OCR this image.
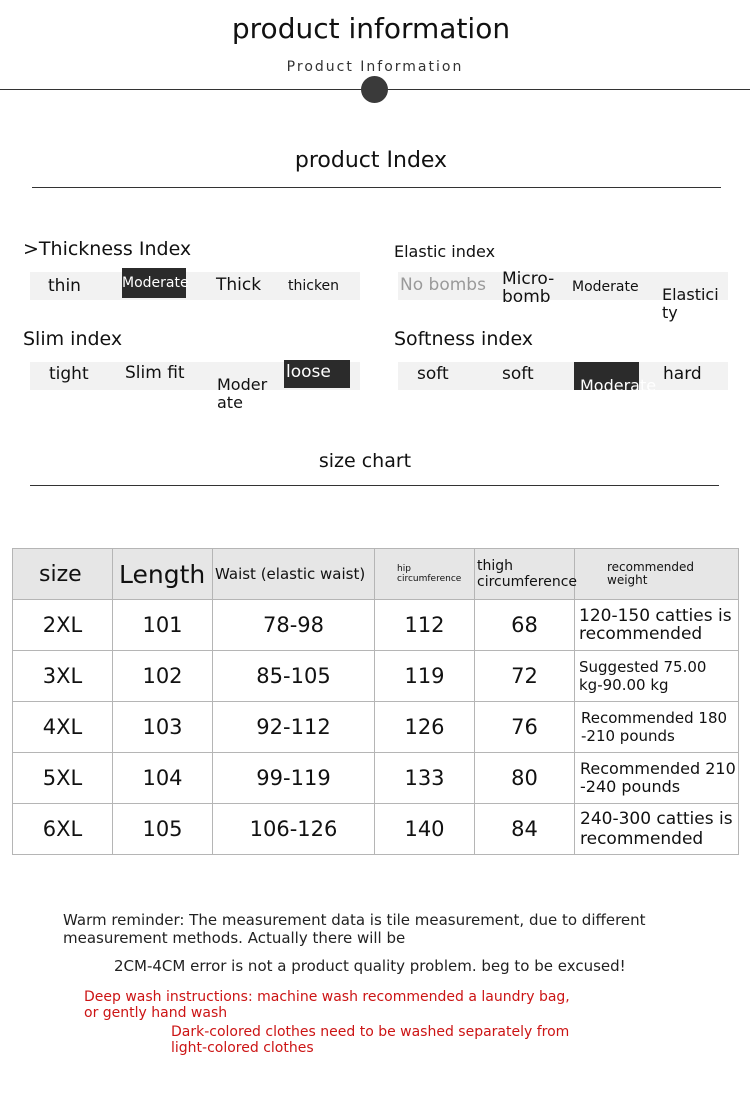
product information
Product Information
product Index
>Thickness Index
thin	Moderate Thick thicken
Elastic index
No bombs Micro-
bomb Moderate Elastici
ty
Slim index
tight Slim fit
Moder
ate
loose
Softness index
soft	soft
Moderate
hard
size chart
size	Length	Waist (elastic waist)	hip circumference	thigh circumference	recommended weight
2XL	101	78-98	112	68	120-150 catties is recommended
3XL	102	85-105	119	72	Suggested 75.00 kg-90.00 kg
4XL	103	92-112	126	76	Recommended 180 -210 pounds
5XL	104	99-119	133	80	Recommended 210 -240 pounds
6XL	105	106-126	140	84	240-300 catties is recommended
Warm reminder: The measurement data is tile measurement, due to different measurement methods. Actually there will be
2CM-4CM error is not a product quality problem. beg to be excused!
Deep wash instructions: machine wash recommended a laundry bag, or gently hand wash
Dark-colored clothes need to be washed separately from light-colored clothes
